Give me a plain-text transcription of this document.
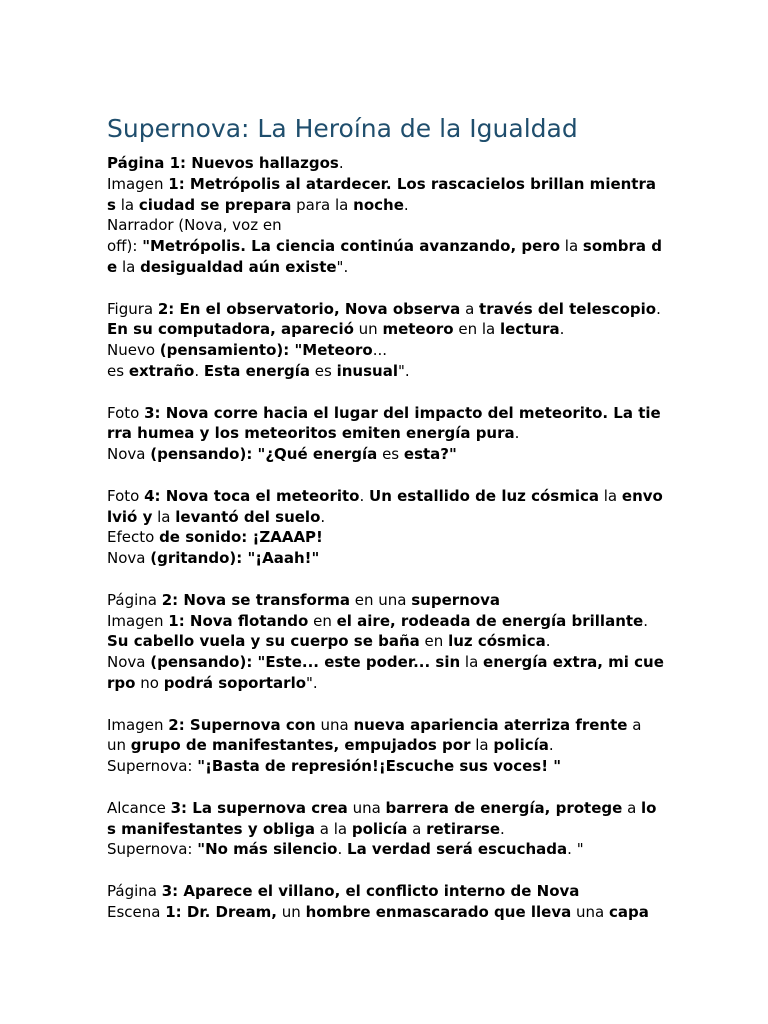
Supernova: La Heroína de la Igualdad
Página 1: Nuevos hallazgos.
Imagen 1: Metrópolis al atardecer. Los rascacielos brillan mientra
s la ciudad se prepara para la noche.
Narrador (Nova, voz en
off): "Metrópolis. La ciencia continúa avanzando, pero la sombra d
e la desigualdad aún existe".
Figura 2: En el observatorio, Nova observa a través del telescopio.
En su computadora, apareció un meteoro en la lectura.
Nuevo (pensamiento): "Meteoro...
es extraño. Esta energía es inusual".
Foto 3: Nova corre hacia el lugar del impacto del meteorito. La tie
rra humea y los meteoritos emiten energía pura.
Nova (pensando): "¿Qué energía es esta?"
Foto 4: Nova toca el meteorito. Un estallido de luz cósmica la envo
lvió y la levantó del suelo.
Efecto de sonido: ¡ZAAAP!
Nova (gritando): "¡Aaah!"
Página 2: Nova se transforma en una supernova
Imagen 1: Nova flotando en el aire, rodeada de energía brillante.
Su cabello vuela y su cuerpo se baña en luz cósmica.
Nova (pensando): "Este... este poder... sin la energía extra, mi cue
rpo no podrá soportarlo".
Imagen 2: Supernova con una nueva apariencia aterriza frente a
un grupo de manifestantes, empujados por la policía.
Supernova: "¡Basta de represión!¡Escuche sus voces! "
Alcance 3: La supernova crea una barrera de energía, protege a lo
s manifestantes y obliga a la policía a retirarse.
Supernova: "No más silencio. La verdad será escuchada. "
Página 3: Aparece el villano, el conflicto interno de Nova
Escena 1: Dr. Dream, un hombre enmascarado que lleva una capa
